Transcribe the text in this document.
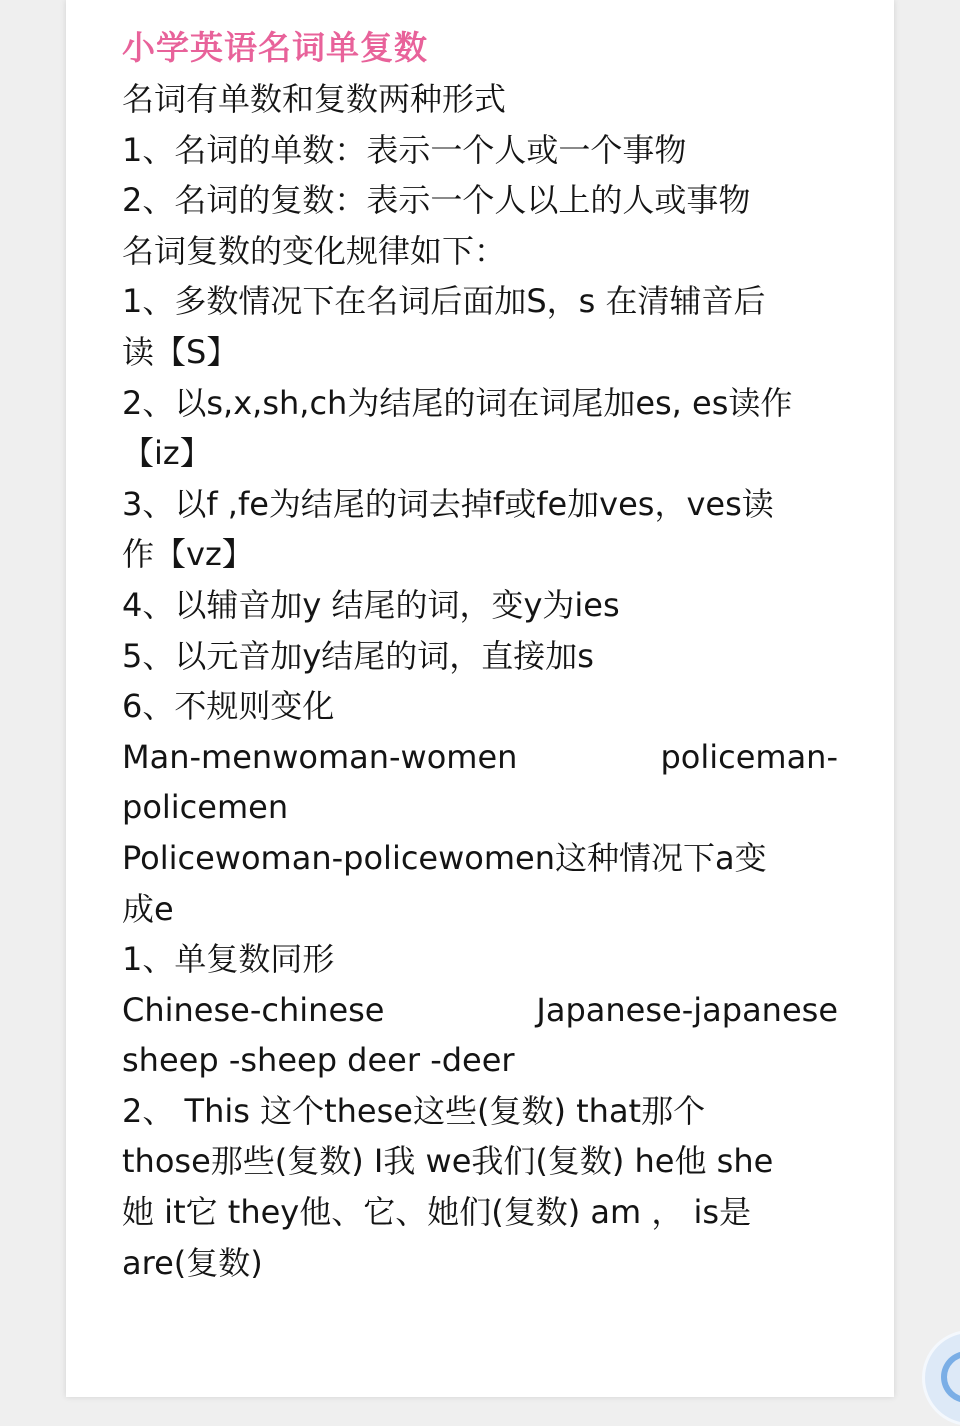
小学英语名词单复数
名词有单数和复数两种形式
1、名词的单数：表示一个人或一个事物
2、名词的复数：表示一个人以上的人或事物
名词复数的变化规律如下：
1、多数情况下在名词后面加S，s 在清辅音后
读【S】
2、以s,x,sh,ch为结尾的词在词尾加es, es读作
【iz】
3、以f ,fe为结尾的词去掉f或fe加ves，ves读
作【vz】
4、以辅音加y 结尾的词，变y为ies
5、以元音加y结尾的词，直接加s
6、不规则变化
Man-menwoman-women	policeman-
policemen
Policewoman-policewomen这种情况下a变
成e
1、单复数同形
Chinese-chinese	Japanese-japanese
sheep -sheep deer -deer
2、 This 这个these这些(复数) that那个
those那些(复数) I我 we我们(复数) he他 she
她 it它 they他、它、她们(复数) am ， is是
are(复数)
